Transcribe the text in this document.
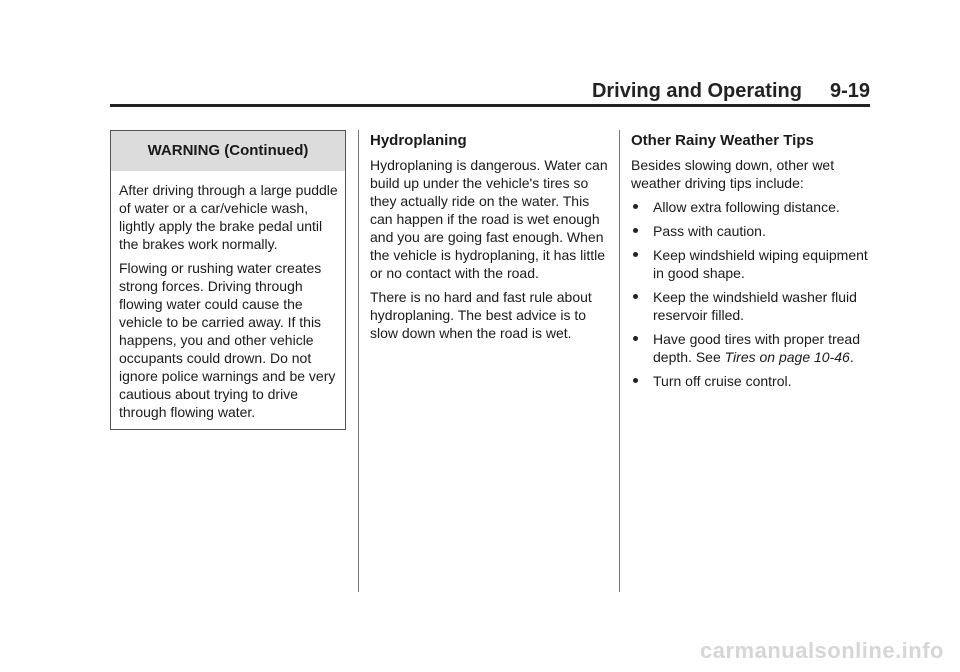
Driving and Operating 9-19
WARNING (Continued)

After driving through a large puddle of water or a car/vehicle wash, lightly apply the brake pedal until the brakes work normally.

Flowing or rushing water creates strong forces. Driving through flowing water could cause the vehicle to be carried away. If this happens, you and other vehicle occupants could drown. Do not ignore police warnings and be very cautious about trying to drive through flowing water.

Hydroplaning

Hydroplaning is dangerous. Water can build up under the vehicle's tires so they actually ride on the water. This can happen if the road is wet enough and you are going fast enough. When the vehicle is hydroplaning, it has little or no contact with the road.

There is no hard and fast rule about hydroplaning. The best advice is to slow down when the road is wet.

Other Rainy Weather Tips

Besides slowing down, other wet weather driving tips include:

Allow extra following distance.
Pass with caution.
Keep windshield wiping equipment in good shape.
Keep the windshield washer fluid reservoir filled.
Have good tires with proper tread depth. See Tires on page 10-46.
Turn off cruise control.
carmanualsonline.info
